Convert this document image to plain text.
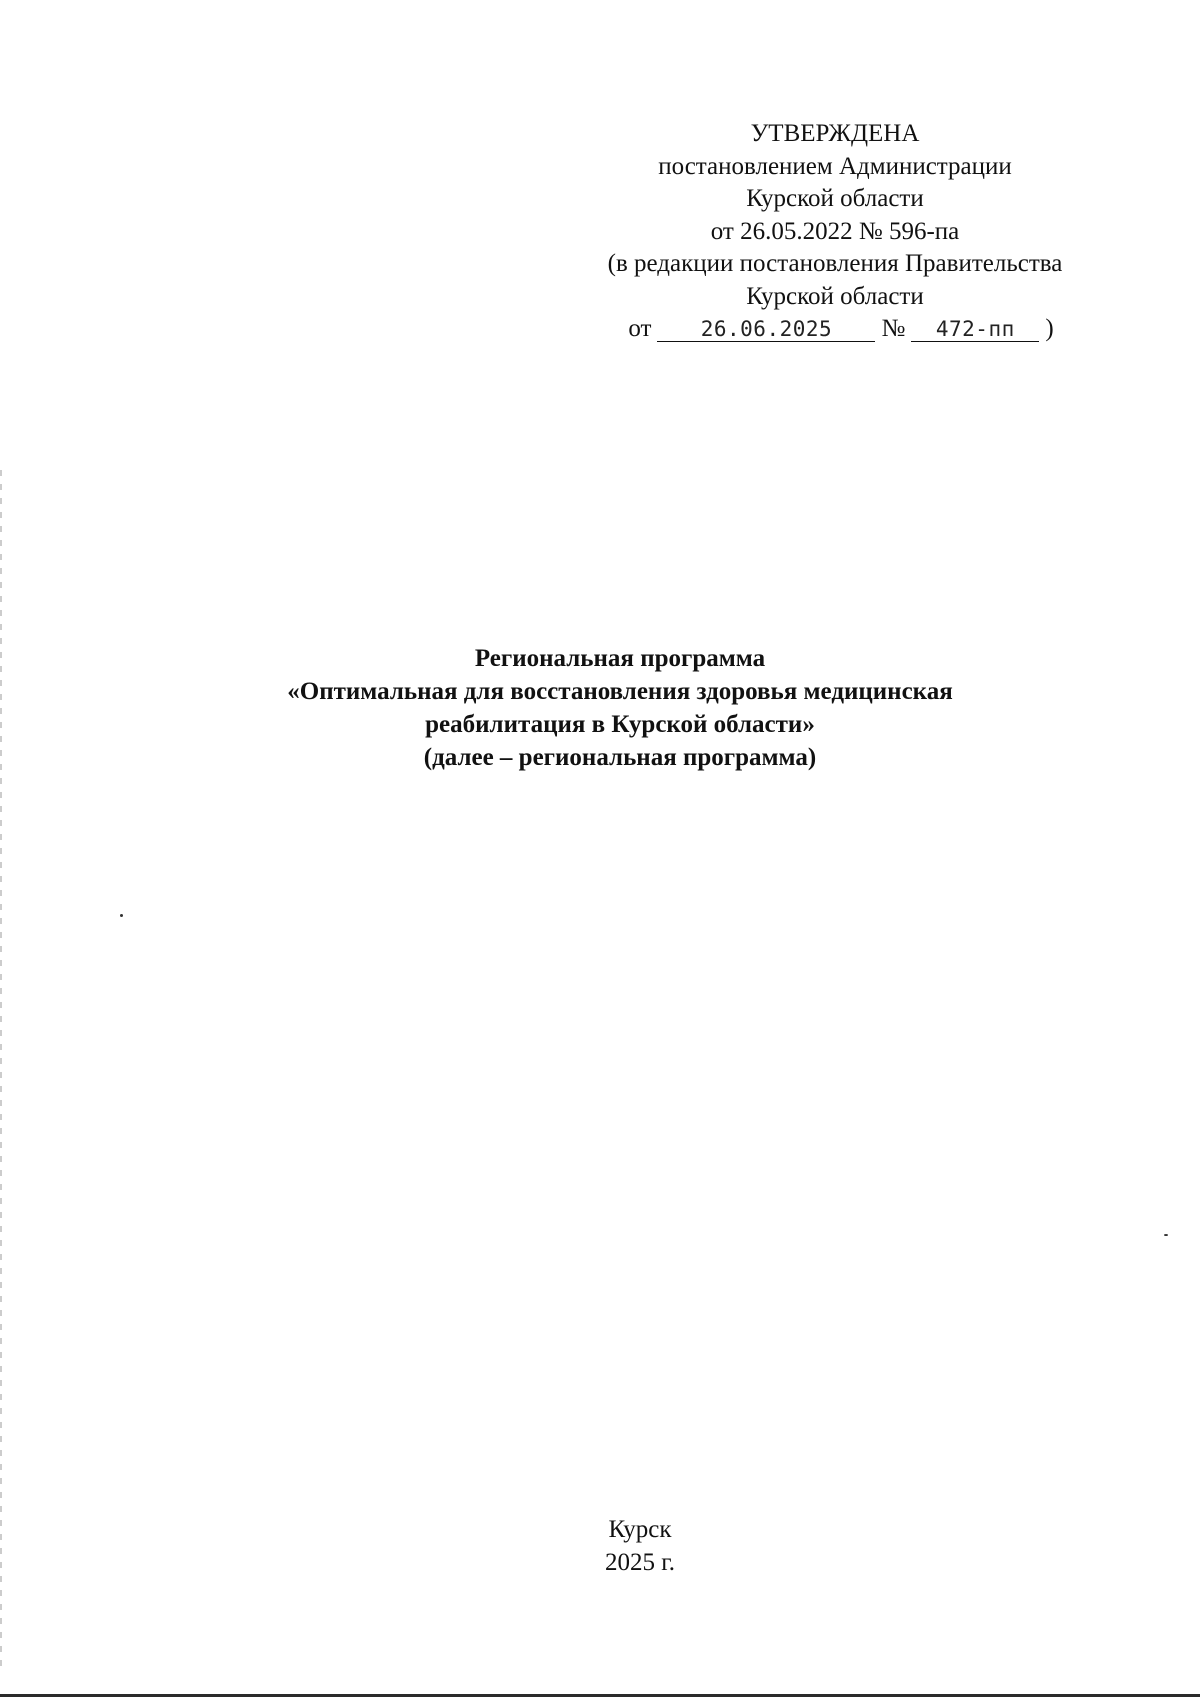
УТВЕРЖДЕНА
постановлением Администрации
Курской области
от 26.05.2022 № 596-па
(в редакции постановления Правительства
Курской области
от	26.06.2025	№	472-пп	)
Региональная программа
«Оптимальная для восстановления здоровья медицинская
реабилитация в Курской области»
(далее – региональная программа)
Курск
2025 г.
